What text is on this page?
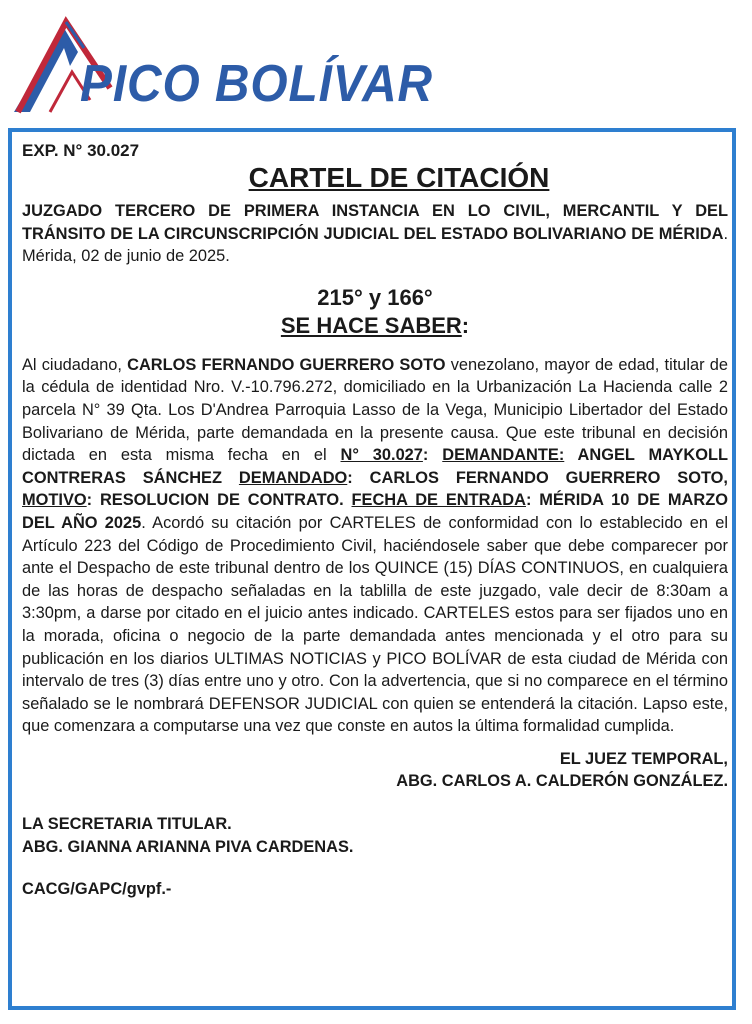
PICO BOLÍVAR
EXP. N° 30.027
CARTEL DE CITACIÓN
JUZGADO TERCERO DE PRIMERA INSTANCIA EN LO CIVIL, MERCANTIL Y DEL TRÁNSITO DE LA CIRCUNSCRIPCIÓN JUDICIAL DEL ESTADO BOLIVARIANO DE MÉRIDA. Mérida, 02 de junio de 2025.
215° y 166°
SE HACE SABER:
Al ciudadano, CARLOS FERNANDO GUERRERO SOTO venezolano, mayor de edad, titular de la cédula de identidad Nro. V.-10.796.272, domiciliado en la Urbanización La Hacienda calle 2 parcela N° 39 Qta. Los D'Andrea Parroquia Lasso de la Vega, Municipio Libertador del Estado Bolivariano de Mérida, parte demandada en la presente causa. Que este tribunal en decisión dictada en esta misma fecha en el N° 30.027: DEMANDANTE: ANGEL MAYKOLL CONTRERAS SÁNCHEZ DEMANDADO: CARLOS FERNANDO GUERRERO SOTO, MOTIVO: RESOLUCION DE CONTRATO. FECHA DE ENTRADA: MÉRIDA 10 DE MARZO DEL AÑO 2025. Acordó su citación por CARTELES de conformidad con lo establecido en el Artículo 223 del Código de Procedimiento Civil, haciéndosele saber que debe comparecer por ante el Despacho de este tribunal dentro de los QUINCE (15) DÍAS CONTINUOS, en cualquiera de las horas de despacho señaladas en la tablilla de este juzgado, vale decir de 8:30am a 3:30pm, a darse por citado en el juicio antes indicado. CARTELES estos para ser fijados uno en la morada, oficina o negocio de la parte demandada antes mencionada y el otro para su publicación en los diarios ULTIMAS NOTICIAS y PICO BOLÍVAR de esta ciudad de Mérida con intervalo de tres (3) días entre uno y otro. Con la advertencia, que si no comparece en el término señalado se le nombrará DEFENSOR JUDICIAL con quien se entenderá la citación. Lapso este, que comenzara a computarse una vez que conste en autos la última formalidad cumplida.
EL JUEZ TEMPORAL,
ABG. CARLOS A. CALDERÓN GONZÁLEZ.
LA SECRETARIA TITULAR.
ABG. GIANNA ARIANNA PIVA CARDENAS.
CACG/GAPC/gvpf.-
